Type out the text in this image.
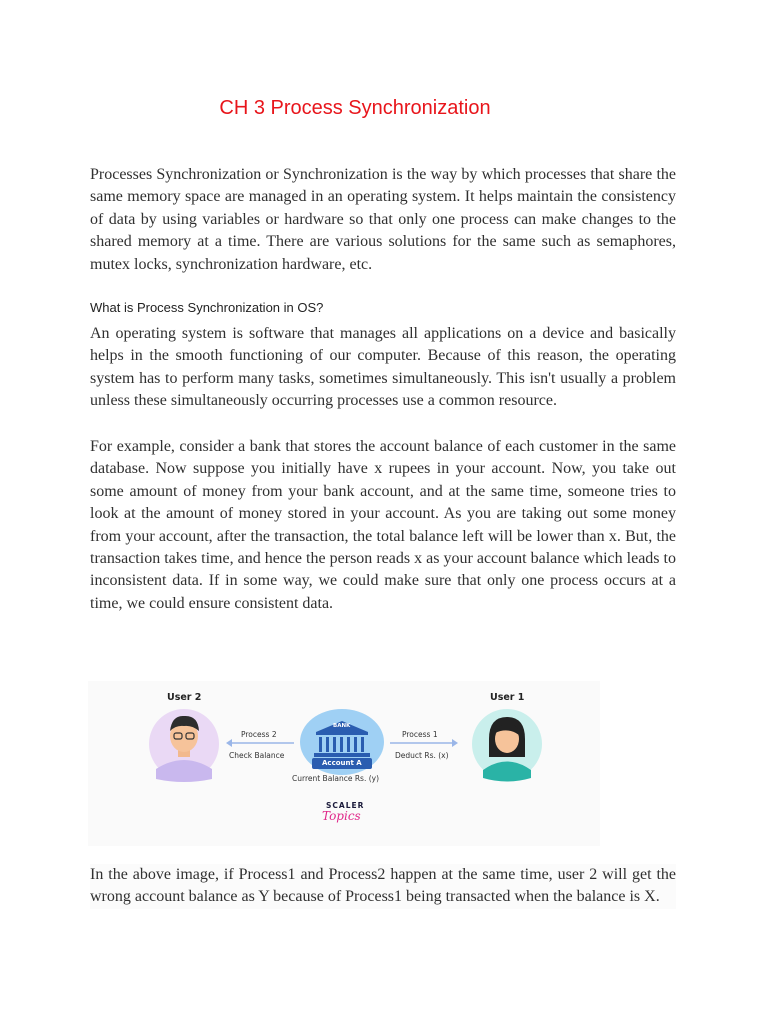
CH 3 Process Synchronization
Processes Synchronization or Synchronization is the way by which processes that share the same memory space are managed in an operating system. It helps maintain the consistency of data by using variables or hardware so that only one process can make changes to the shared memory at a time. There are various solutions for the same such as semaphores, mutex locks, synchronization hardware, etc.
What is Process Synchronization in OS?
An operating system is software that manages all applications on a device and basically helps in the smooth functioning of our computer. Because of this reason, the operating system has to perform many tasks, sometimes simultaneously. This isn't usually a problem unless these simultaneously occurring processes use a common resource.
For example, consider a bank that stores the account balance of each customer in the same database. Now suppose you initially have x rupees in your account. Now, you take out some amount of money from your bank account, and at the same time, someone tries to look at the amount of money stored in your account. As you are taking out some money from your account, after the transaction, the total balance left will be lower than x. But, the transaction takes time, and hence the person reads x as your account balance which leads to inconsistent data. If in some way, we could make sure that only one process occurs at a time, we could ensure consistent data.
User 2	User 1
Process 2
Check Balance
Process 1
Deduct Rs. (x)
BANK
Account A
Current Balance Rs. (y)
SCALER
Topics
In the above image, if Process1 and Process2 happen at the same time, user 2 will get the wrong account balance as Y because of Process1 being transacted when the balance is X.
